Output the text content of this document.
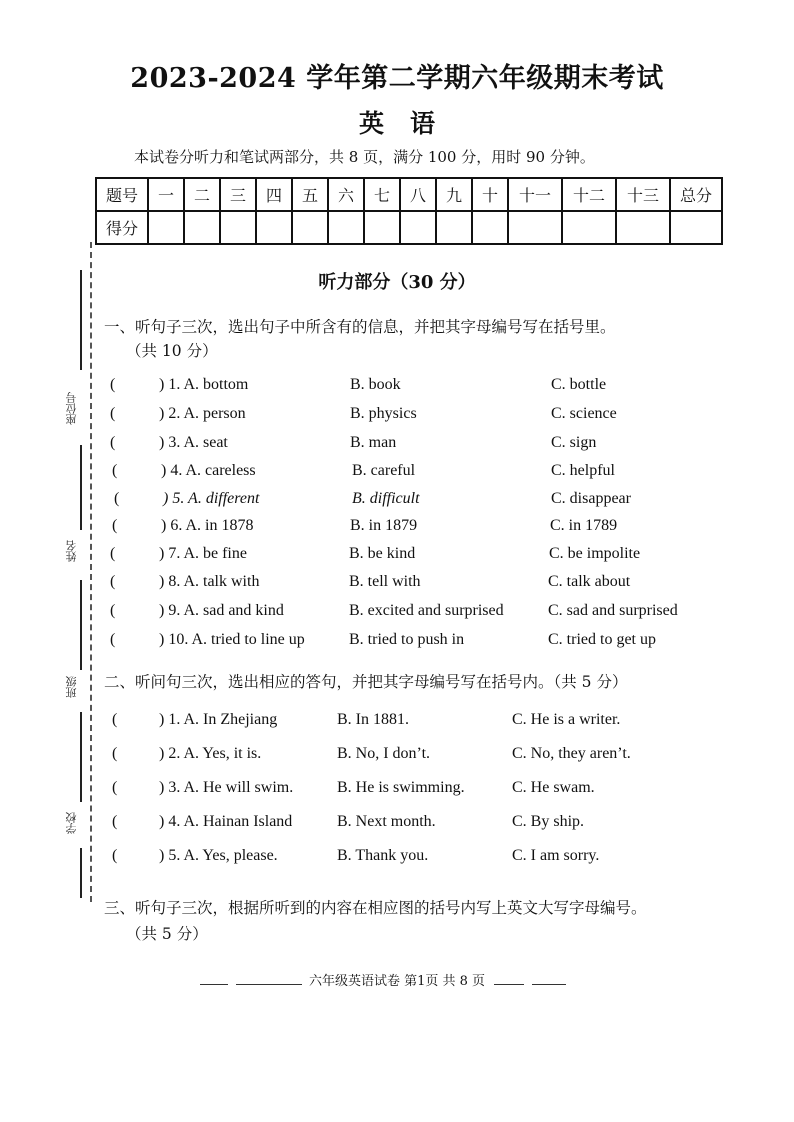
2023-2024 学年第二学期六年级期末考试
英语
本试卷分听力和笔试两部分，共 8 页，满分 100 分，用时 90 分钟。
题号	一	二	三	四	五	六	七	八	九	十	十一	十二	十三	总分
得分														
座位号
姓名
班级
学校
听力部分（30 分）
一、听句子三次，选出句子中所含有的信息，并把其字母编号写在括号里。
（共 10 分）
(	) 1. A. bottom	B. book	C. bottle
(	) 2. A. person	B. physics	C. science
(	) 3. A. seat	B. man	C. sign
(	) 4. A. careless	B. careful	C. helpful
(	) 5. A. different	B. difficult	C. disappear
(	) 6. A. in 1878	B. in 1879	C. in 1789
(	) 7. A. be fine	B. be kind	C. be impolite
(	) 8. A. talk with	B. tell with	C. talk about
(	) 9. A. sad and kind	B. excited and surprised	C. sad and surprised
(	) 10. A. tried to line up	B. tried to push in	C. tried to get up
二、听问句三次，选出相应的答句，并把其字母编号写在括号内。（共 5 分）
(	) 1. A. In Zhejiang	B. In 1881.	C. He is a writer.
(	) 2. A. Yes, it is.	B. No, I don’t.	C. No, they aren’t.
(	) 3. A. He will swim.	B. He is swimming.	C. He swam.
(	) 4. A. Hainan Island	B. Next month.	C. By ship.
(	) 5. A. Yes, please.	B. Thank you.	C. I am sorry.
三、听句子三次，根据所听到的内容在相应图的括号内写上英文大写字母编号。
（共 5 分）
六年级英语试卷 第1页 共 8 页
